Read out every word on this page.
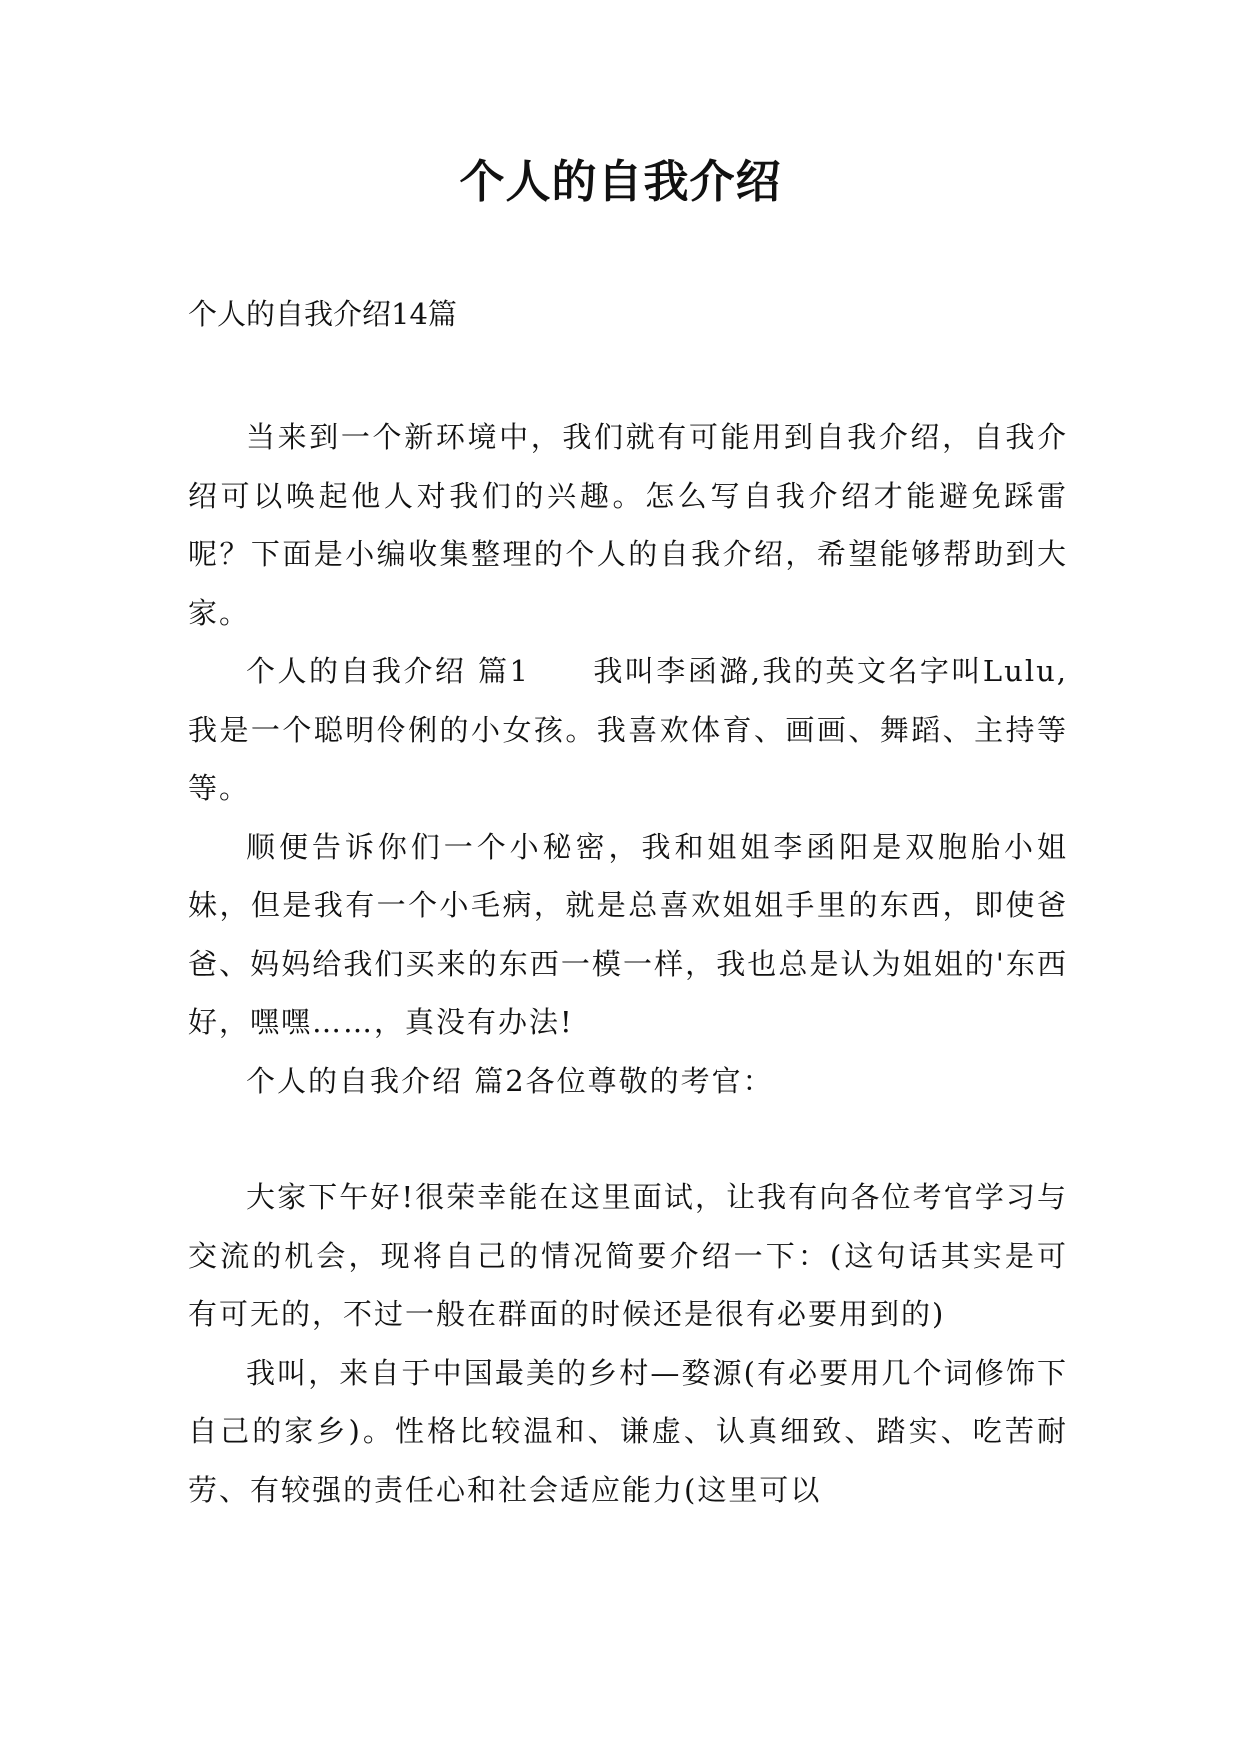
个人的自我介绍

个人的自我介绍14篇

当来到一个新环境中，我们就有可能用到自我介绍，自我介绍可以唤起他人对我们的兴趣。怎么写自我介绍才能避免踩雷呢？下面是小编收集整理的个人的自我介绍，希望能够帮助到大家。

个人的自我介绍 篇1　　我叫李函潞,我的英文名字叫Lulu,我是一个聪明伶俐的小女孩。我喜欢体育、画画、舞蹈、主持等等。

顺便告诉你们一个小秘密，我和姐姐李函阳是双胞胎小姐妹，但是我有一个小毛病，就是总喜欢姐姐手里的东西，即使爸爸、妈妈给我们买来的东西一模一样，我也总是认为姐姐的'东西好，嘿嘿……，真没有办法!

个人的自我介绍 篇2各位尊敬的考官：

大家下午好!很荣幸能在这里面试，让我有向各位考官学习与交流的机会，现将自己的情况简要介绍一下：(这句话其实是可有可无的，不过一般在群面的时候还是很有必要用到的)

我叫，来自于中国最美的乡村—婺源(有必要用几个词修饰下自己的家乡)。性格比较温和、谦虚、认真细致、踏实、吃苦耐劳、有较强的责任心和社会适应能力(这里可以
